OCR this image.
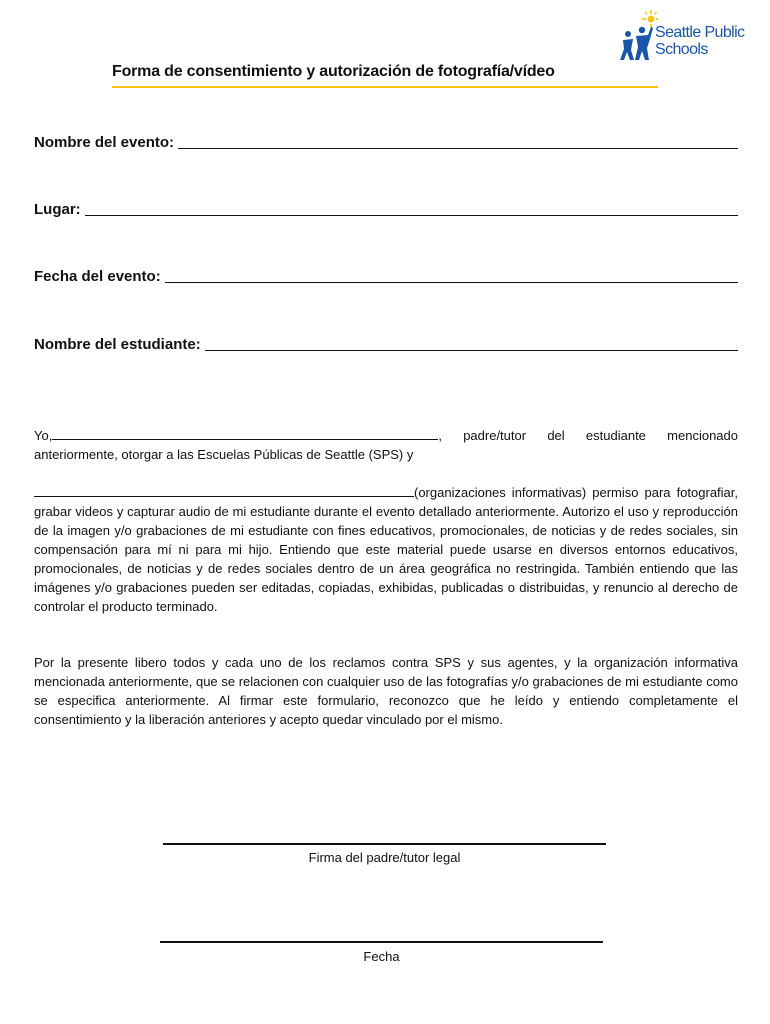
Seattle Public
Schools
Forma de consentimiento y autorización de fotografía/vídeo
Nombre del evento:
Lugar:
Fecha del evento:
Nombre del estudiante:
Yo,	, padre/tutor del estudiante mencionado anteriormente, otorgar a las Escuelas Públicas de Seattle (SPS) y
(organizaciones informativas) permiso para fotografiar, grabar videos y capturar audio de mi estudiante durante el evento detallado anteriormente. Autorizo el uso y reproducción de la imagen y/o grabaciones de mi estudiante con fines educativos, promocionales, de noticias y de redes sociales, sin compensación para mí ni para mi hijo. Entiendo que este material puede usarse en diversos entornos educativos, promocionales, de noticias y de redes sociales dentro de un área geográfica no restringida. También entiendo que las imágenes y/o grabaciones pueden ser editadas, copiadas, exhibidas, publicadas o distribuidas, y renuncio al derecho de controlar el producto terminado.
Por la presente libero todos y cada uno de los reclamos contra SPS y sus agentes, y la organización informativa mencionada anteriormente, que se relacionen con cualquier uso de las fotografías y/o grabaciones de mi estudiante como se especifica anteriormente. Al firmar este formulario, reconozco que he leído y entiendo completamente el consentimiento y la liberación anteriores y acepto quedar vinculado por el mismo.
Firma del padre/tutor legal
Fecha
